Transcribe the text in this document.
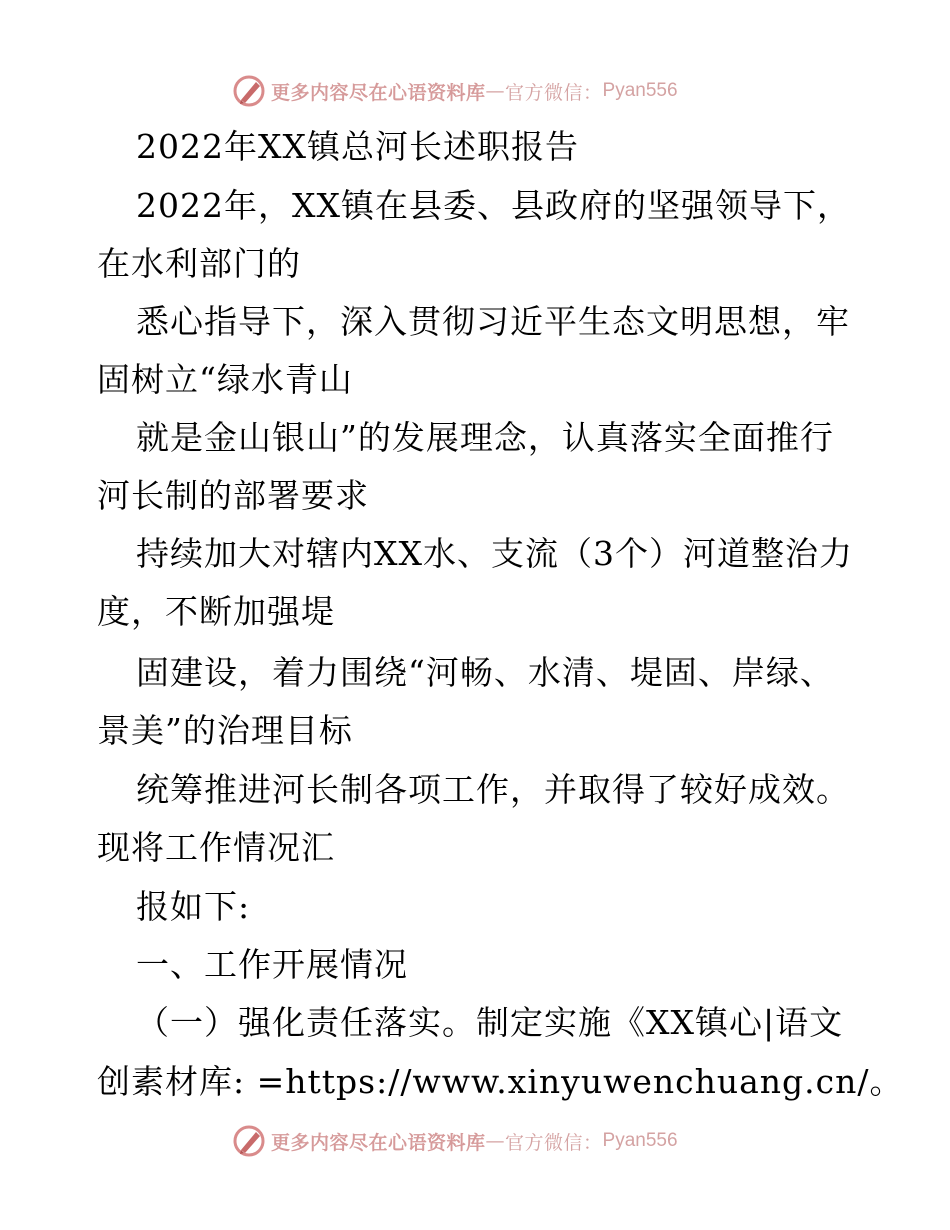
更多内容尽在心语资料库 — 官方微信： Pyan556
2022年XX镇总河长述职报告
2022年，XX镇在县委、县政府的坚强领导下，
在水利部门的
悉心指导下，深入贯彻习近平生态文明思想，牢
固树立“绿水青山
就是金山银山”的发展理念，认真落实全面推行
河长制的部署要求
持续加大对辖内XX水、支流（3个）河道整治力
度，不断加强堤
固建设，着力围绕“河畅、水清、堤固、岸绿、
景美”的治理目标
统筹推进河长制各项工作，并取得了较好成效。
现将工作情况汇
报如下:
一、工作开展情况
（一）强化责任落实。制定实施《XX镇心|语文
创素材库: =https://www.xinyuwenchuang.cn/。
更多内容尽在心语资料库 — 官方微信： Pyan556
